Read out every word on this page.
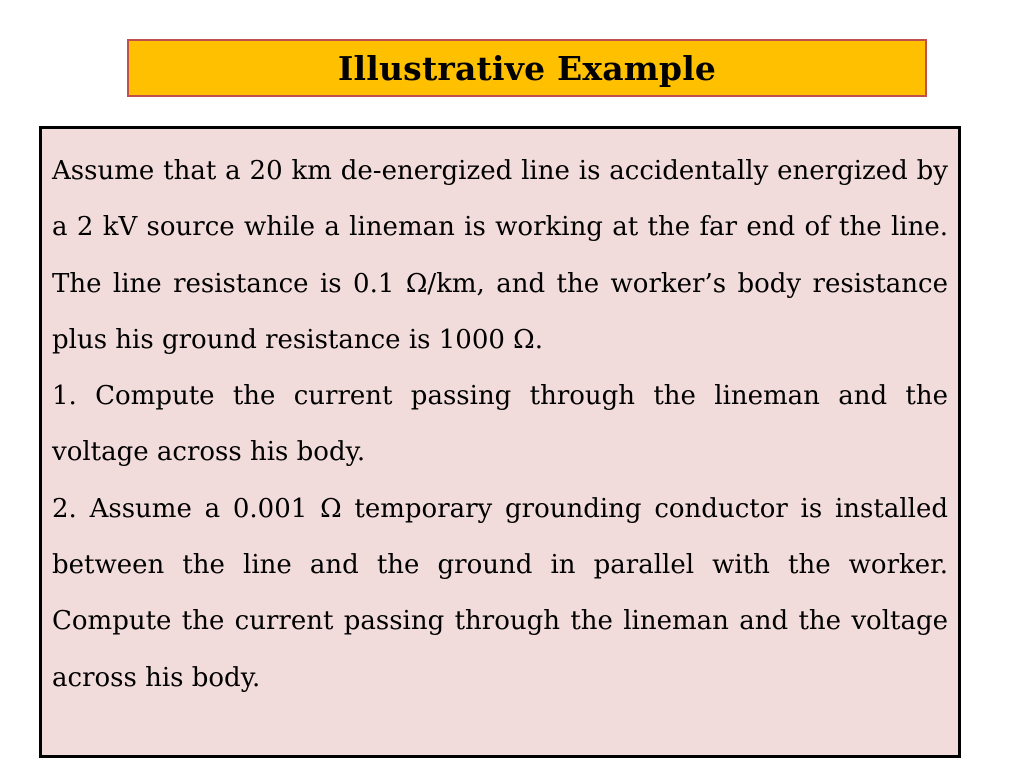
Illustrative Example

Assume that a 20 km de-energized line is accidentally energized by a 2 kV source while a lineman is working at the far end of the line. The line resistance is 0.1 Ω/km, and the worker’s body resistance plus his ground resistance is 1000 Ω.

1. Compute the current passing through the lineman and the voltage across his body.

2. Assume a 0.001 Ω temporary grounding conductor is installed between the line and the ground in parallel with the worker. Compute the current passing through the lineman and the voltage across his body.
